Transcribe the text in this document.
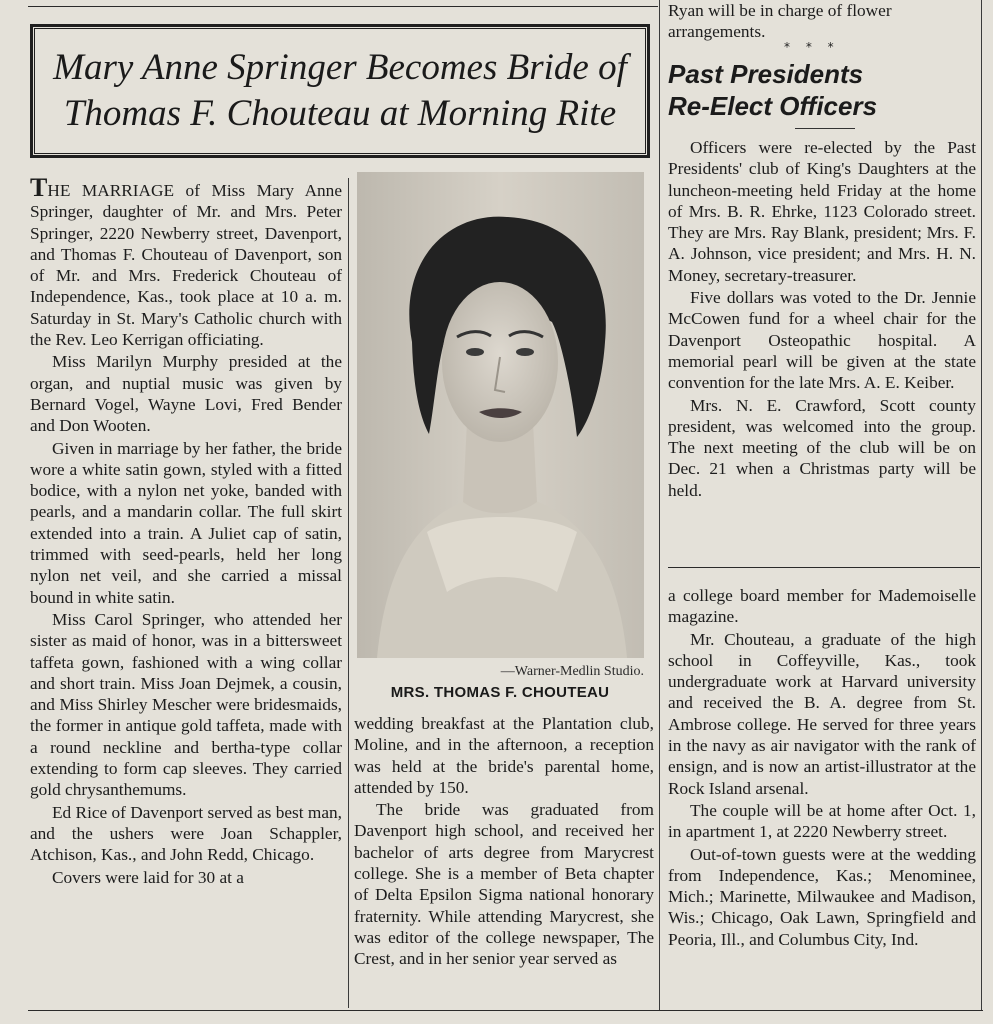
Ryan will be in charge of flower
arrangements.
* * *
Mary Anne Springer Becomes Bride of
Thomas F. Chouteau at Morning Rite

THE MARRIAGE of Miss Mary Anne Springer, daughter of Mr. and Mrs. Peter Springer, 2220 Newberry street, Davenport, and Thomas F. Chouteau of Davenport, son of Mr. and Mrs. Frederick Chouteau of Independence, Kas., took place at 10 a. m. Saturday in St. Mary's Catholic church with the Rev. Leo Kerrigan officiating.

Miss Marilyn Murphy presided at the organ, and nuptial music was given by Bernard Vogel, Wayne Lovi, Fred Bender and Don Wooten.

Given in marriage by her father, the bride wore a white satin gown, styled with a fitted bodice, with a nylon net yoke, banded with pearls, and a mandarin collar. The full skirt extended into a train. A Juliet cap of satin, trimmed with seed-pearls, held her long nylon net veil, and she carried a missal bound in white satin.

Miss Carol Springer, who attended her sister as maid of honor, was in a bittersweet taffeta gown, fashioned with a wing collar and short train. Miss Joan Dejmek, a cousin, and Miss Shirley Mescher were bridesmaids, the former in antique gold taffeta, made with a round neckline and bertha-type collar extending to form cap sleeves. They carried gold chrysanthemums.

Ed Rice of Davenport served as best man, and the ushers were Joan Schappler, Atchison, Kas., and John Redd, Chicago.

Covers were laid for 30 at a

—Warner-Medlin Studio.
MRS. THOMAS F. CHOUTEAU

wedding breakfast at the Plantation club, Moline, and in the afternoon, a reception was held at the bride's parental home, attended by 150.

The bride was graduated from Davenport high school, and received her bachelor of arts degree from Marycrest college. She is a member of Beta chapter of Delta Epsilon Sigma national honorary fraternity. While attending Marycrest, she was editor of the college newspaper, The Crest, and in her senior year served as

Past Presidents
Re-Elect Officers

Officers were re-elected by the Past Presidents' club of King's Daughters at the luncheon-meeting held Friday at the home of Mrs. B. R. Ehrke, 1123 Colorado street. They are Mrs. Ray Blank, president; Mrs. F. A. Johnson, vice president; and Mrs. H. N. Money, secretary-treasurer.

Five dollars was voted to the Dr. Jennie McCowen fund for a wheel chair for the Davenport Osteopathic hospital. A memorial pearl will be given at the state convention for the late Mrs. A. E. Keiber.

Mrs. N. E. Crawford, Scott county president, was welcomed into the group. The next meeting of the club will be on Dec. 21 when a Christmas party will be held.

a college board member for Mademoiselle magazine.

Mr. Chouteau, a graduate of the high school in Coffeyville, Kas., took undergraduate work at Harvard university and received the B. A. degree from St. Ambrose college. He served for three years in the navy as air navigator with the rank of ensign, and is now an artist-illustrator at the Rock Island arsenal.

The couple will be at home after Oct. 1, in apartment 1, at 2220 Newberry street.

Out-of-town guests were at the wedding from Independence, Kas.; Menominee, Mich.; Marinette, Milwaukee and Madison, Wis.; Chicago, Oak Lawn, Springfield and Peoria, Ill., and Columbus City, Ind.
